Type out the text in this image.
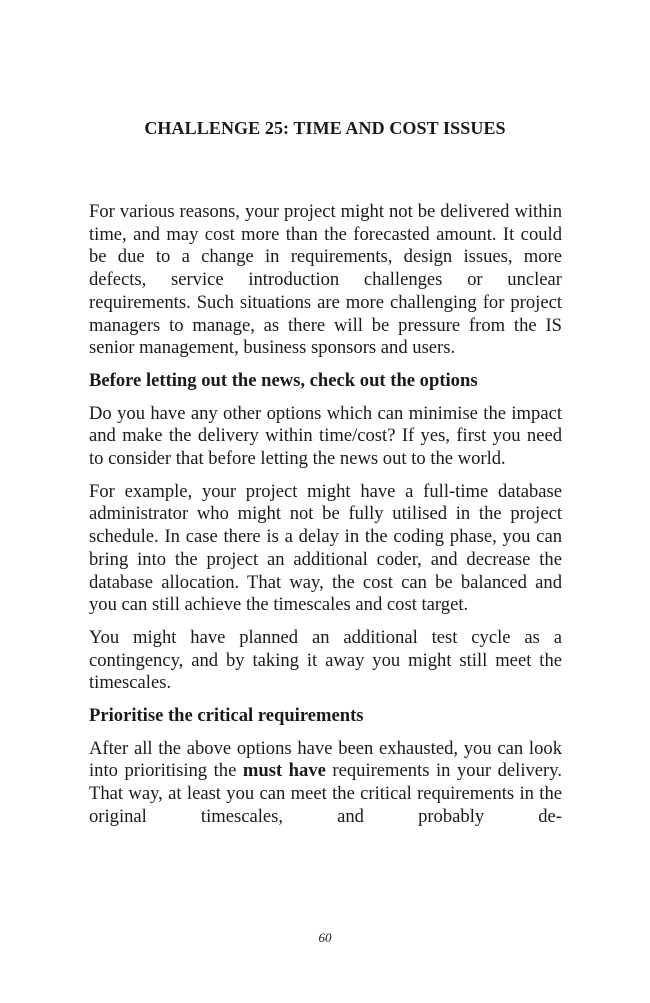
CHALLENGE 25: TIME AND COST ISSUES

For various reasons, your project might not be delivered within time, and may cost more than the forecasted amount. It could be due to a change in requirements, design issues, more defects, service introduction challenges or unclear requirements. Such situations are more challenging for project managers to manage, as there will be pressure from the IS senior management, business sponsors and users.

Before letting out the news, check out the options

Do you have any other options which can minimise the impact and make the delivery within time/cost? If yes, first you need to consider that before letting the news out to the world.

For example, your project might have a full-time database administrator who might not be fully utilised in the project schedule. In case there is a delay in the coding phase, you can bring into the project an additional coder, and decrease the database allocation. That way, the cost can be balanced and you can still achieve the timescales and cost target.

You might have planned an additional test cycle as a contingency, and by taking it away you might still meet the timescales.

Prioritise the critical requirements

After all the above options have been exhausted, you can look into prioritising the must have requirements in your delivery. That way, at least you can meet the critical requirements in the original timescales, and probably de-

60
